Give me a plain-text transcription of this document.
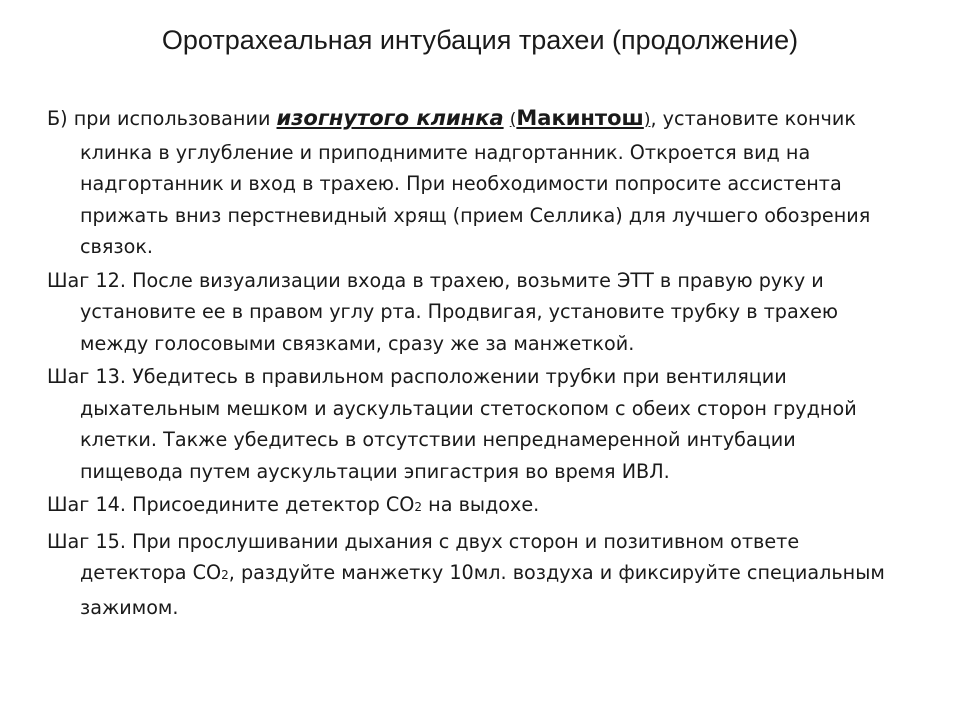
Оротрахеальная интубация трахеи (продолжение)

Б) при использовании изогнутого клинка (Макинтош), установите кончик клинка в углубление и приподнимите надгортанник. Откроется вид на надгортанник и вход в трахею. При необходимости попросите ассистента прижать вниз перстневидный хрящ (прием Селлика) для лучшего обозрения связок.

Шаг 12. После визуализации входа в трахею, возьмите ЭТТ в правую руку и установите ее в правом углу рта. Продвигая, установите трубку в трахею между голосовыми связками, сразу же за манжеткой.

Шаг 13. Убедитесь в правильном расположении трубки при вентиляции дыхательным мешком и аускультации стетоскопом с обеих сторон грудной клетки. Также убедитесь в отсутствии непреднамеренной интубации пищевода путем аускультации эпигастрия во время ИВЛ.

Шаг 14. Присоедините детектор СО2 на выдохе.

Шаг 15. При прослушивании дыхания с двух сторон и позитивном ответе детектора СО2, раздуйте манжетку 10мл. воздуха и фиксируйте специальным зажимом.
